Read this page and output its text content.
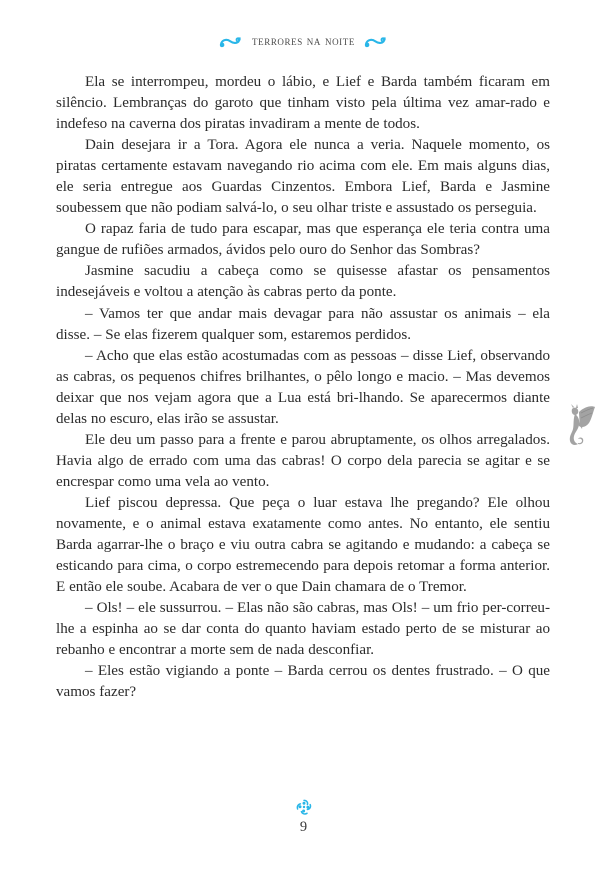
terrores na noite

Ela se interrompeu, mordeu o lábio, e Lief e Barda também ficaram em silêncio. Lembranças do garoto que tinham visto pela última vez amar-rado e indefeso na caverna dos piratas invadiram a mente de todos.

Dain desejara ir a Tora. Agora ele nunca a veria. Naquele momento, os piratas certamente estavam navegando rio acima com ele. Em mais alguns dias, ele seria entregue aos Guardas Cinzentos. Embora Lief, Barda e Jasmine soubessem que não podiam salvá-lo, o seu olhar triste e assustado os perseguia.

O rapaz faria de tudo para escapar, mas que esperança ele teria contra uma gangue de rufiões armados, ávidos pelo ouro do Senhor das Sombras?

Jasmine sacudiu a cabeça como se quisesse afastar os pensamentos indesejáveis e voltou a atenção às cabras perto da ponte.

– Vamos ter que andar mais devagar para não assustar os animais – ela disse. – Se elas fizerem qualquer som, estaremos perdidos.

– Acho que elas estão acostumadas com as pessoas – disse Lief, observando as cabras, os pequenos chifres brilhantes, o pêlo longo e macio. – Mas devemos deixar que nos vejam agora que a Lua está bri-lhando. Se aparecermos diante delas no escuro, elas irão se assustar.

Ele deu um passo para a frente e parou abruptamente, os olhos arregalados. Havia algo de errado com uma das cabras! O corpo dela parecia se agitar e se encrespar como uma vela ao vento.

Lief piscou depressa. Que peça o luar estava lhe pregando? Ele olhou novamente, e o animal estava exatamente como antes. No entanto, ele sentiu Barda agarrar-lhe o braço e viu outra cabra se agitando e mudando: a cabeça se esticando para cima, o corpo estremecendo para depois retomar a forma anterior. E então ele soube. Acabara de ver o que Dain chamara de o Tremor.

– Ols! – ele sussurrou. – Elas não são cabras, mas Ols! – um frio per-correu-lhe a espinha ao se dar conta do quanto haviam estado perto de se misturar ao rebanho e encontrar a morte sem de nada desconfiar.

– Eles estão vigiando a ponte – Barda cerrou os dentes frustrado. – O que vamos fazer?

9
